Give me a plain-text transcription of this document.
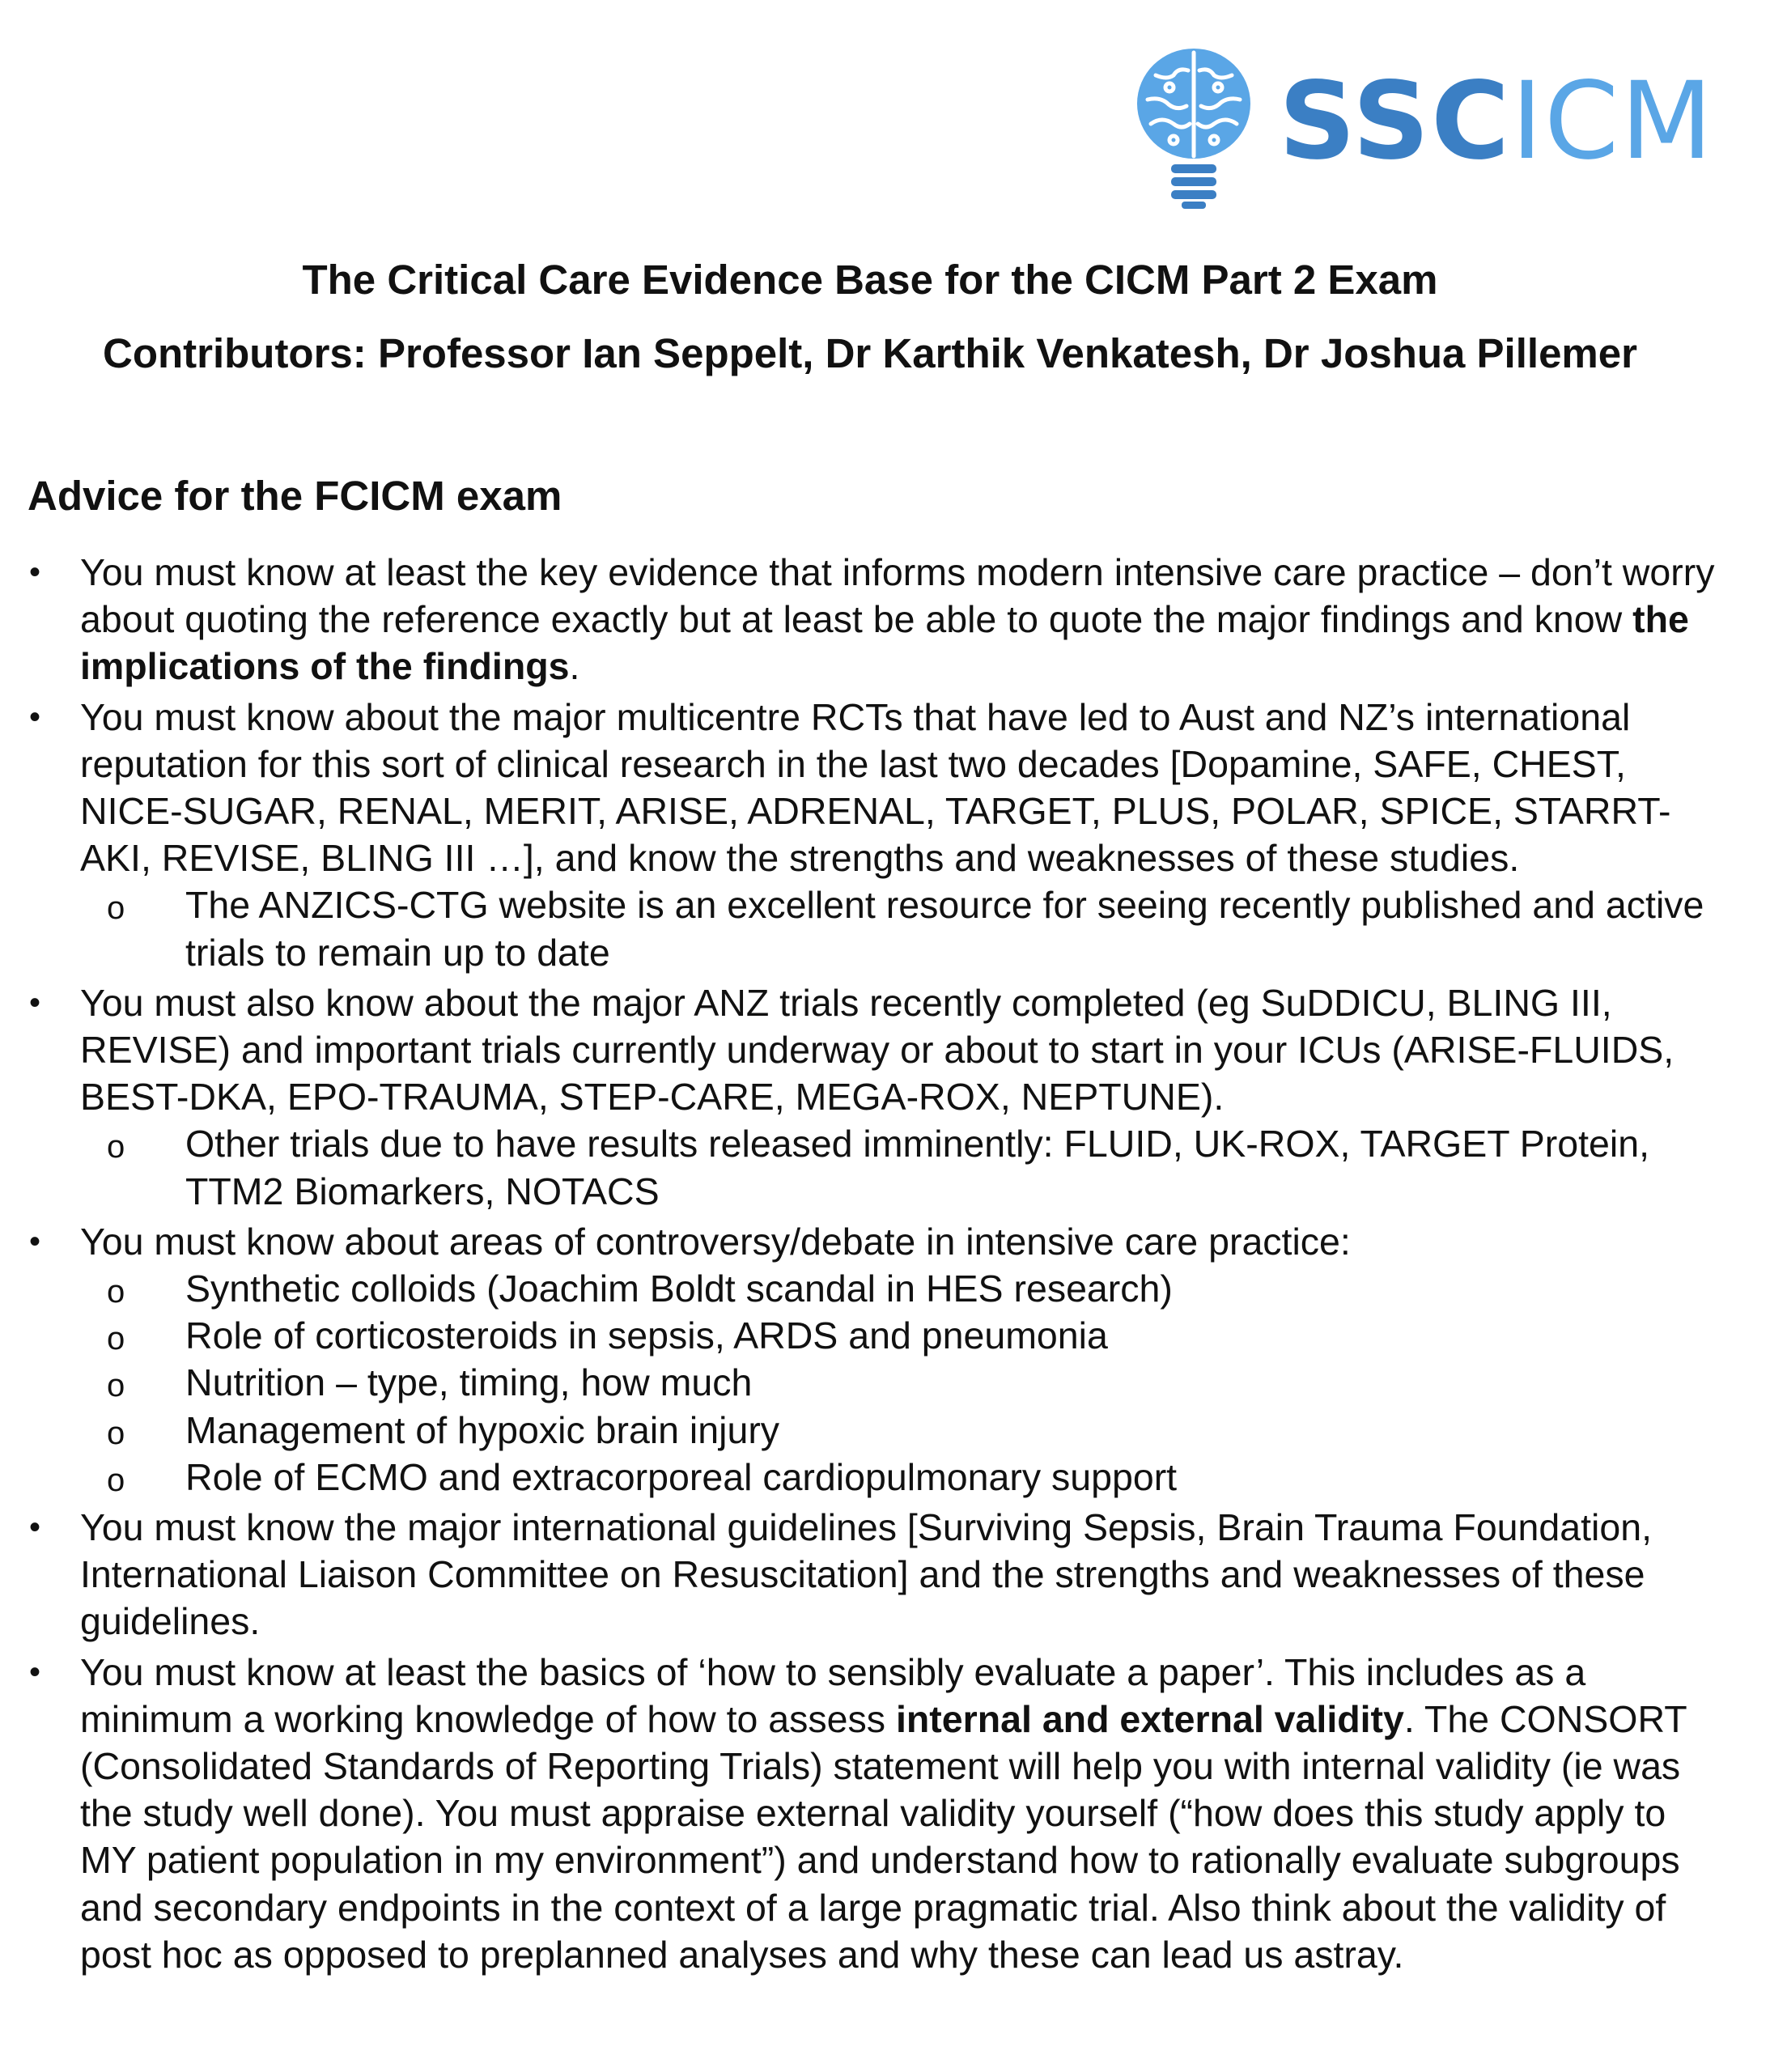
SSCICM
The Critical Care Evidence Base for the CICM Part 2 Exam
Contributors: Professor Ian Seppelt, Dr Karthik Venkatesh, Dr Joshua Pillemer
Advice for the FCICM exam
• You must know at least the key evidence that informs modern intensive care practice – don’t worry about quoting the reference exactly but at least be able to quote the major findings and know the implications of the findings.
• You must know about the major multicentre RCTs that have led to Aust and NZ’s international reputation for this sort of clinical research in the last two decades [Dopamine, SAFE, CHEST, NICE-SUGAR, RENAL, MERIT, ARISE, ADRENAL, TARGET, PLUS, POLAR, SPICE, STARRT-AKI, REVISE, BLING III …], and know the strengths and weaknesses of these studies.
o	The ANZICS-CTG website is an excellent resource for seeing recently published and active trials to remain up to date
• You must also know about the major ANZ trials recently completed (eg SuDDICU, BLING III, REVISE) and important trials currently underway or about to start in your ICUs (ARISE-FLUIDS, BEST-DKA, EPO-TRAUMA, STEP-CARE, MEGA-ROX, NEPTUNE).
o	Other trials due to have results released imminently: FLUID, UK-ROX, TARGET Protein, TTM2 Biomarkers, NOTACS
• You must know about areas of controversy/debate in intensive care practice:
o	Synthetic colloids (Joachim Boldt scandal in HES research)
o	Role of corticosteroids in sepsis, ARDS and pneumonia
o	Nutrition – type, timing, how much
o	Management of hypoxic brain injury
o	Role of ECMO and extracorporeal cardiopulmonary support
• You must know the major international guidelines [Surviving Sepsis, Brain Trauma Foundation, International Liaison Committee on Resuscitation] and the strengths and weaknesses of these guidelines.
• You must know at least the basics of ‘how to sensibly evaluate a paper’. This includes as a minimum a working knowledge of how to assess internal and external validity. The CONSORT (Consolidated Standards of Reporting Trials) statement will help you with internal validity (ie was the study well done). You must appraise external validity yourself (“how does this study apply to MY patient population in my environment”) and understand how to rationally evaluate subgroups and secondary endpoints in the context of a large pragmatic trial. Also think about the validity of post hoc as opposed to preplanned analyses and why these can lead us astray.
